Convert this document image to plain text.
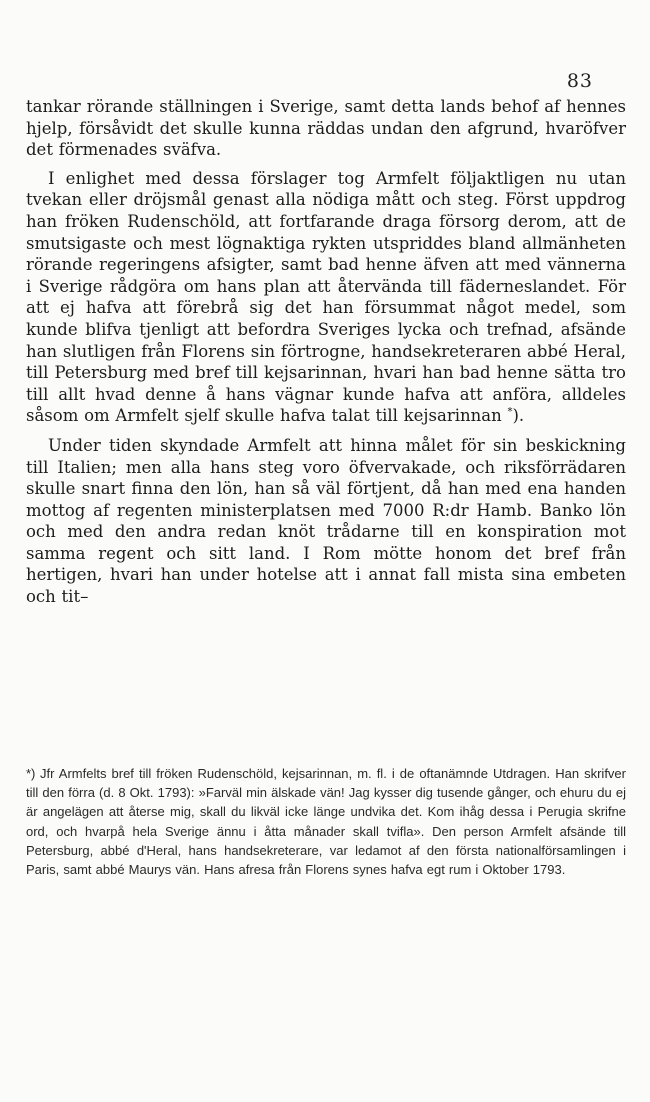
83

tankar rörande ställningen i Sverige, samt detta lands behof af hennes hjelp, försåvidt det skulle kunna räddas undan den afgrund, hvaröfver det förmenades sväfva.

I enlighet med dessa förslager tog Armfelt följaktligen nu utan tvekan eller dröjsmål genast alla nödiga mått och steg. Först uppdrog han fröken Rudenschöld, att fortfarande draga försorg derom, att de smutsigaste och mest lögnaktiga rykten utspriddes bland allmänheten rörande regeringens afsigter, samt bad henne äfven att med vännerna i Sverige rådgöra om hans plan att återvända till fäderneslandet. För att ej hafva att förebrå sig det han försummat något medel, som kunde blifva tjenligt att befordra Sveriges lycka och trefnad, afsände han slutligen från Florens sin förtrogne, handsekreteraren abbé Heral, till Petersburg med bref till kejsarinnan, hvari han bad henne sätta tro till allt hvad denne å hans vägnar kunde hafva att anföra, alldeles såsom om Armfelt sjelf skulle hafva talat till kejsarinnan *).

Under tiden skyndade Armfelt att hinna målet för sin beskickning till Italien; men alla hans steg voro öfvervakade, och riksförrädaren skulle snart finna den lön, han så väl förtjent, då han med ena handen mottog af regenten ministerplatsen med 7000 R:dr Hamb. Banko lön och med den andra redan knöt trådarne till en konspiration mot samma regent och sitt land. I Rom mötte honom det bref från hertigen, hvari han under hotelse att i annat fall mista sina embeten och tit–

*) Jfr Armfelts bref till fröken Rudenschöld, kejsarinnan, m. fl. i de oftanämnde Utdragen. Han skrifver till den förra (d. 8 Okt. 1793): »Farväl min älskade vän! Jag kysser dig tusende gånger, och ehuru du ej är angelägen att återse mig, skall du likväl icke länge undvika det. Kom ihåg dessa i Perugia skrifne ord, och hvarpå hela Sverige ännu i åtta månader skall tvifla». Den person Armfelt afsände till Petersburg, abbé d'Heral, hans handsekreterare, var ledamot af den första nationalförsamlingen i Paris, samt abbé Maurys vän. Hans afresa från Florens synes hafva egt rum i Oktober 1793.
